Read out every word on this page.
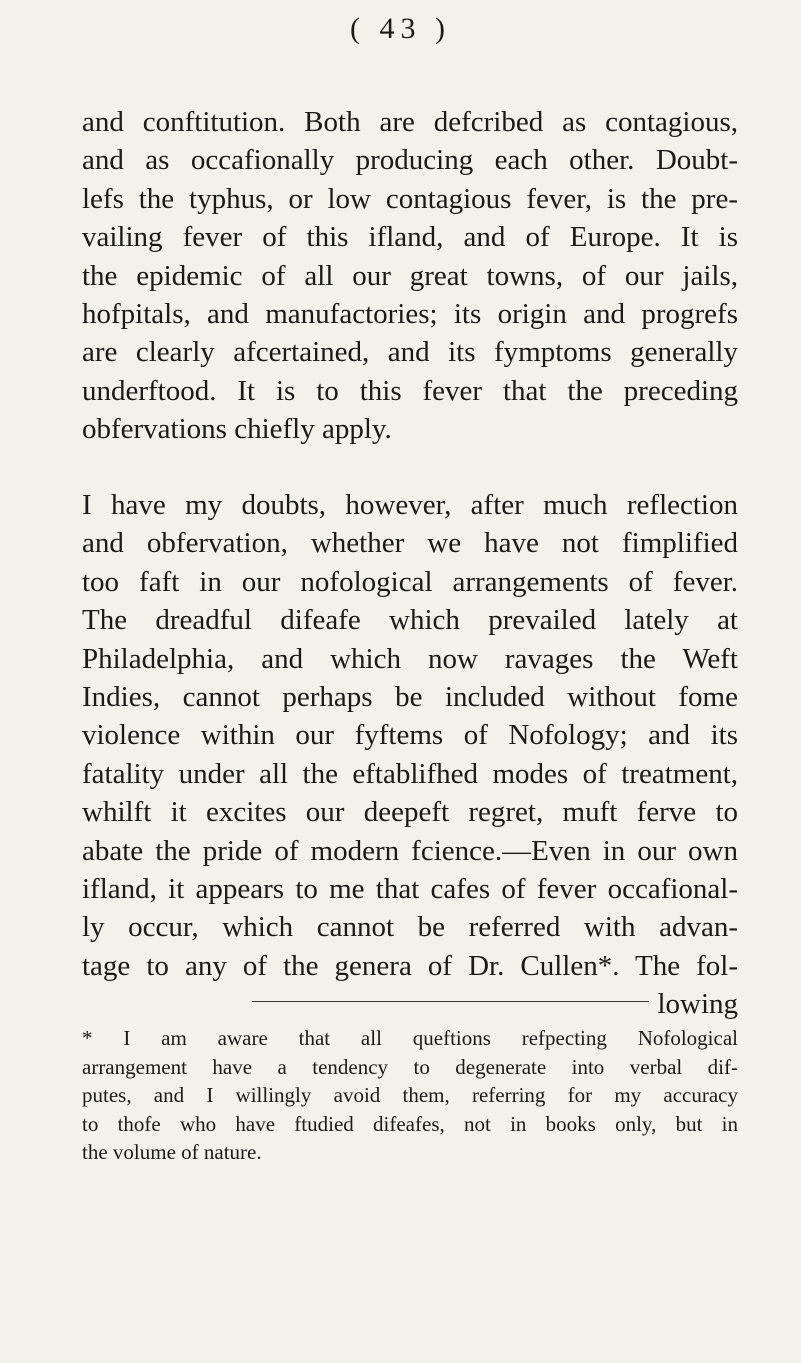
( 43 )
and conftitution. Both are defcribed as contagious,
and as occafionally producing each other. Doubt-
lefs the typhus, or low contagious fever, is the pre-
vailing fever of this ifland, and of Europe. It is
the epidemic of all our great towns, of our jails,
hofpitals, and manufactories; its origin and progrefs
are clearly afcertained, and its fymptoms generally
underftood. It is to this fever that the preceding
obfervations chiefly apply.
I have my doubts, however, after much reflection
and obfervation, whether we have not fimplified
too faft in our nofological arrangements of fever.
The dreadful difeafe which prevailed lately at
Philadelphia, and which now ravages the Weft
Indies, cannot perhaps be included without fome
violence within our fyftems of Nofology; and its
fatality under all the eftablifhed modes of treatment,
whilft it excites our deepeft regret, muft ferve to
abate the pride of modern fcience.—Even in our own
ifland, it appears to me that cafes of fever occafional-
ly occur, which cannot be referred with advan-
tage to any of the genera of Dr. Cullen*. The fol-
lowing
* I am aware that all queftions refpecting Nofological
arrangement have a tendency to degenerate into verbal dif-
putes, and I willingly avoid them, referring for my accuracy
to thofe who have ftudied difeafes, not in books only, but in
the volume of nature.
